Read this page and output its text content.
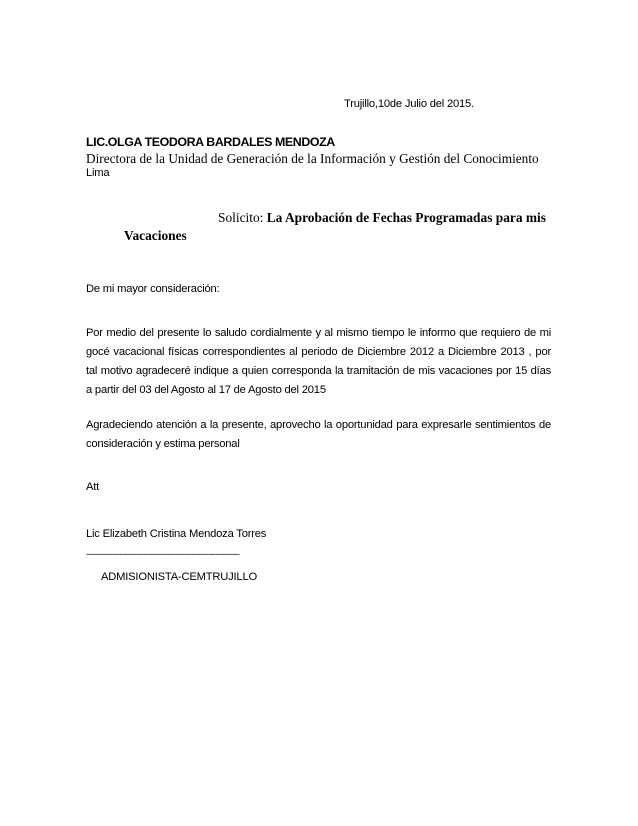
Trujillo,10de Julio del 2015.
LIC.OLGA TEODORA BARDALES MENDOZA
Directora de la Unidad de Generación de la Información y Gestión del Conocimiento
Lima
Solicito: La Aprobación de Fechas Programadas para mis
Vacaciones
De mi mayor consideración:
Por medio del presente lo saludo cordialmente y al mismo tiempo le informo que requiero de mi gocé vacacional físicas correspondientes al periodo de Diciembre 2012 a Diciembre 2013 , por tal motivo agradeceré indique a quien corresponda la tramitación de mis vacaciones por 15 días a partir del 03 del Agosto al 17 de Agosto del 2015
Agradeciendo atención a la presente, aprovecho la oportunidad para expresarle sentimientos de consideración y estima personal
Att
Lic Elizabeth Cristina Mendoza Torres
----------------------------------------------------------------
ADMISIONISTA-CEMTRUJILLO
